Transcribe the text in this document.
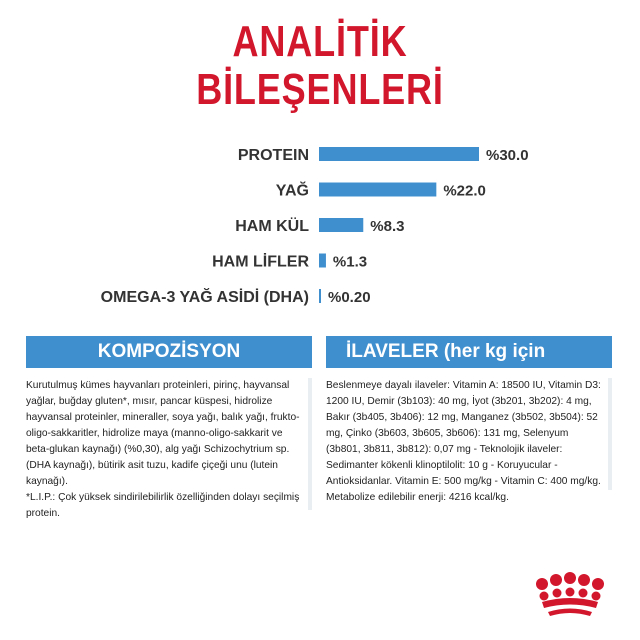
ANALİTİK
BİLEŞENLERİ
PROTEIN	%30.0
YAĞ	%22.0
HAM KÜL	%8.3
HAM LİFLER %1.3
OMEGA-3 YAĞ ASİDİ (DHA) %0.20
KOMPOZİSYON	İLAVELER (her kg için

Kurutulmuş kümes hayvanları proteinleri, pirinç, hayvansal yağlar, buğday gluten*, mısır, pancar küspesi, hidrolize hayvansal proteinler, mineraller, soya yağı, balık yağı, frukto-oligo-sakkaritler, hidrolize maya (manno-oligo-sakkarit ve beta-glukan kaynağı) (%0,30), alg yağı Schizochytrium sp. (DHA kaynağı), bütirik asit tuzu, kadife çiçeği unu (lutein kaynağı).

*L.I.P.: Çok yüksek sindirilebilirlik özelliğinden dolayı seçilmiş protein.

Beslenmeye dayalı ilaveler: Vitamin A: 18500 IU, Vitamin D3: 1200 IU, Demir (3b103): 40 mg, İyot (3b201, 3b202): 4 mg, Bakır (3b405, 3b406): 12 mg, Manganez (3b502, 3b504): 52 mg, Çinko (3b603, 3b605, 3b606): 131 mg, Selenyum (3b801, 3b811, 3b812): 0,07 mg - Teknolojik ilaveler: Sedimanter kökenli klinoptilolit: 10 g - Koruyucular - Antioksidanlar. Vitamin E: 500 mg/kg - Vitamin C: 400 mg/kg. Metabolize edilebilir enerji: 4216 kcal/kg.
